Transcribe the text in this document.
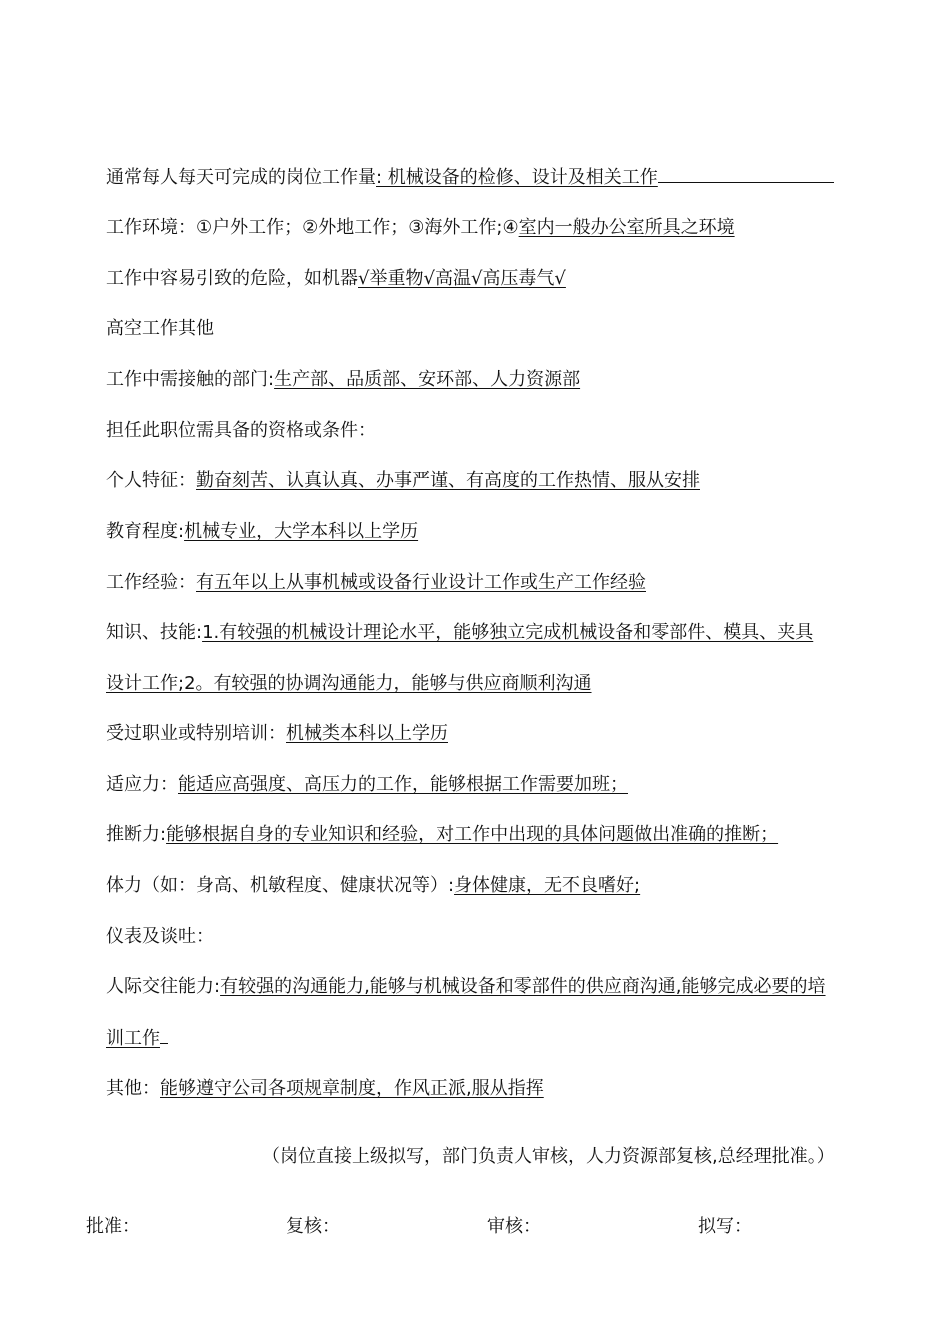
通常每人每天可完成的岗位工作量: 机械设备的检修、设计及相关工作
工作环境：①户外工作；②外地工作；③海外工作;④室内一般办公室所具之环境
工作中容易引致的危险，如机器√举重物√高温√高压毒气√
高空工作其他
工作中需接触的部门:生产部、品质部、安环部、人力资源部
担任此职位需具备的资格或条件：
个人特征：勤奋刻苦、认真认真、办事严谨、有高度的工作热情、服从安排
教育程度:机械专业，大学本科以上学历
工作经验：有五年以上从事机械或设备行业设计工作或生产工作经验
知识、技能:1.有较强的机械设计理论水平，能够独立完成机械设备和零部件、模具、夹具
设计工作;2。有较强的协调沟通能力，能够与供应商顺利沟通
受过职业或特别培训：机械类本科以上学历
适应力：能适应高强度、高压力的工作，能够根据工作需要加班；
推断力:能够根据自身的专业知识和经验，对工作中出现的具体问题做出准确的推断；
体力（如：身高、机敏程度、健康状况等）:身体健康，无不良嗜好;
仪表及谈吐：
人际交往能力:有较强的沟通能力,能够与机械设备和零部件的供应商沟通,能够完成必要的培
训工作
其他：能够遵守公司各项规章制度，作风正派,服从指挥
（岗位直接上级拟写，部门负责人审核，人力资源部复核,总经理批准。）
批准：	复核：	审核：	拟写：
